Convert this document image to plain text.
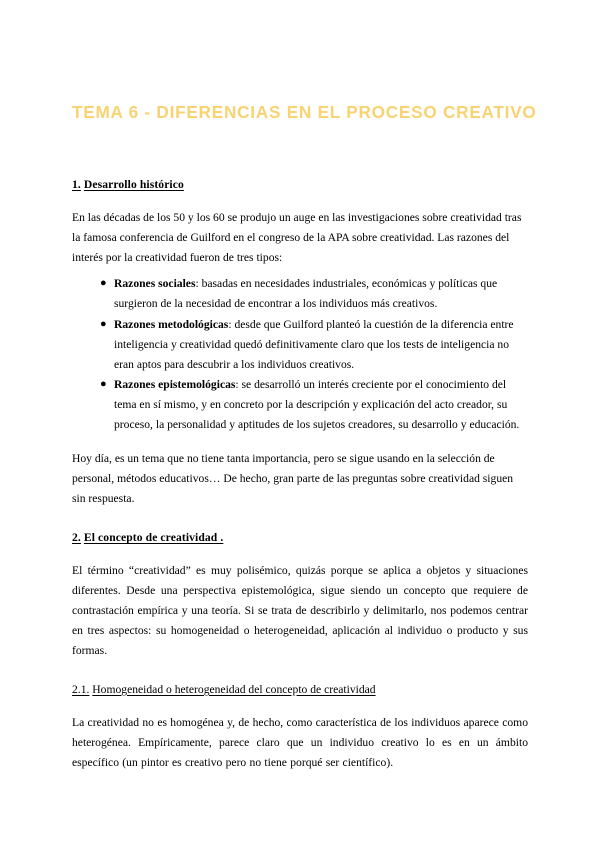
TEMA 6 - DIFERENCIAS EN EL PROCESO CREATIVO
1. Desarrollo histórico

En las décadas de los 50 y los 60 se produjo un auge en las investigaciones sobre creatividad tras la famosa conferencia de Guilford en el congreso de la APA sobre creatividad. Las razones del interés por la creatividad fueron de tres tipos:

● Razones sociales: basadas en necesidades industriales, económicas y políticas que surgieron de la necesidad de encontrar a los individuos más creativos.
● Razones metodológicas: desde que Guilford planteó la cuestión de la diferencia entre inteligencia y creatividad quedó definitivamente claro que los tests de inteligencia no eran aptos para descubrir a los individuos creativos.
● Razones epistemológicas: se desarrolló un interés creciente por el conocimiento del tema en sí mismo, y en concreto por la descripción y explicación del acto creador, su proceso, la personalidad y aptitudes de los sujetos creadores, su desarrollo y educación.

Hoy día, es un tema que no tiene tanta importancia, pero se sigue usando en la selección de personal, métodos educativos… De hecho, gran parte de las preguntas sobre creatividad siguen sin respuesta.

2. El concepto de creatividad .

El término “creatividad” es muy polisémico, quizás porque se aplica a objetos y situaciones diferentes. Desde una perspectiva epistemológica, sigue siendo un concepto que requiere de contrastación empírica y una teoría. Si se trata de describirlo y delimitarlo, nos podemos centrar en tres aspectos: su homogeneidad o heterogeneidad, aplicación al individuo o producto y sus formas.

2.1. Homogeneidad o heterogeneidad del concepto de creatividad

La creatividad no es homogénea y, de hecho, como característica de los individuos aparece como heterogénea. Empíricamente, parece claro que un individuo creativo lo es en un ámbito específico (un pintor es creativo pero no tiene porqué ser científico).
